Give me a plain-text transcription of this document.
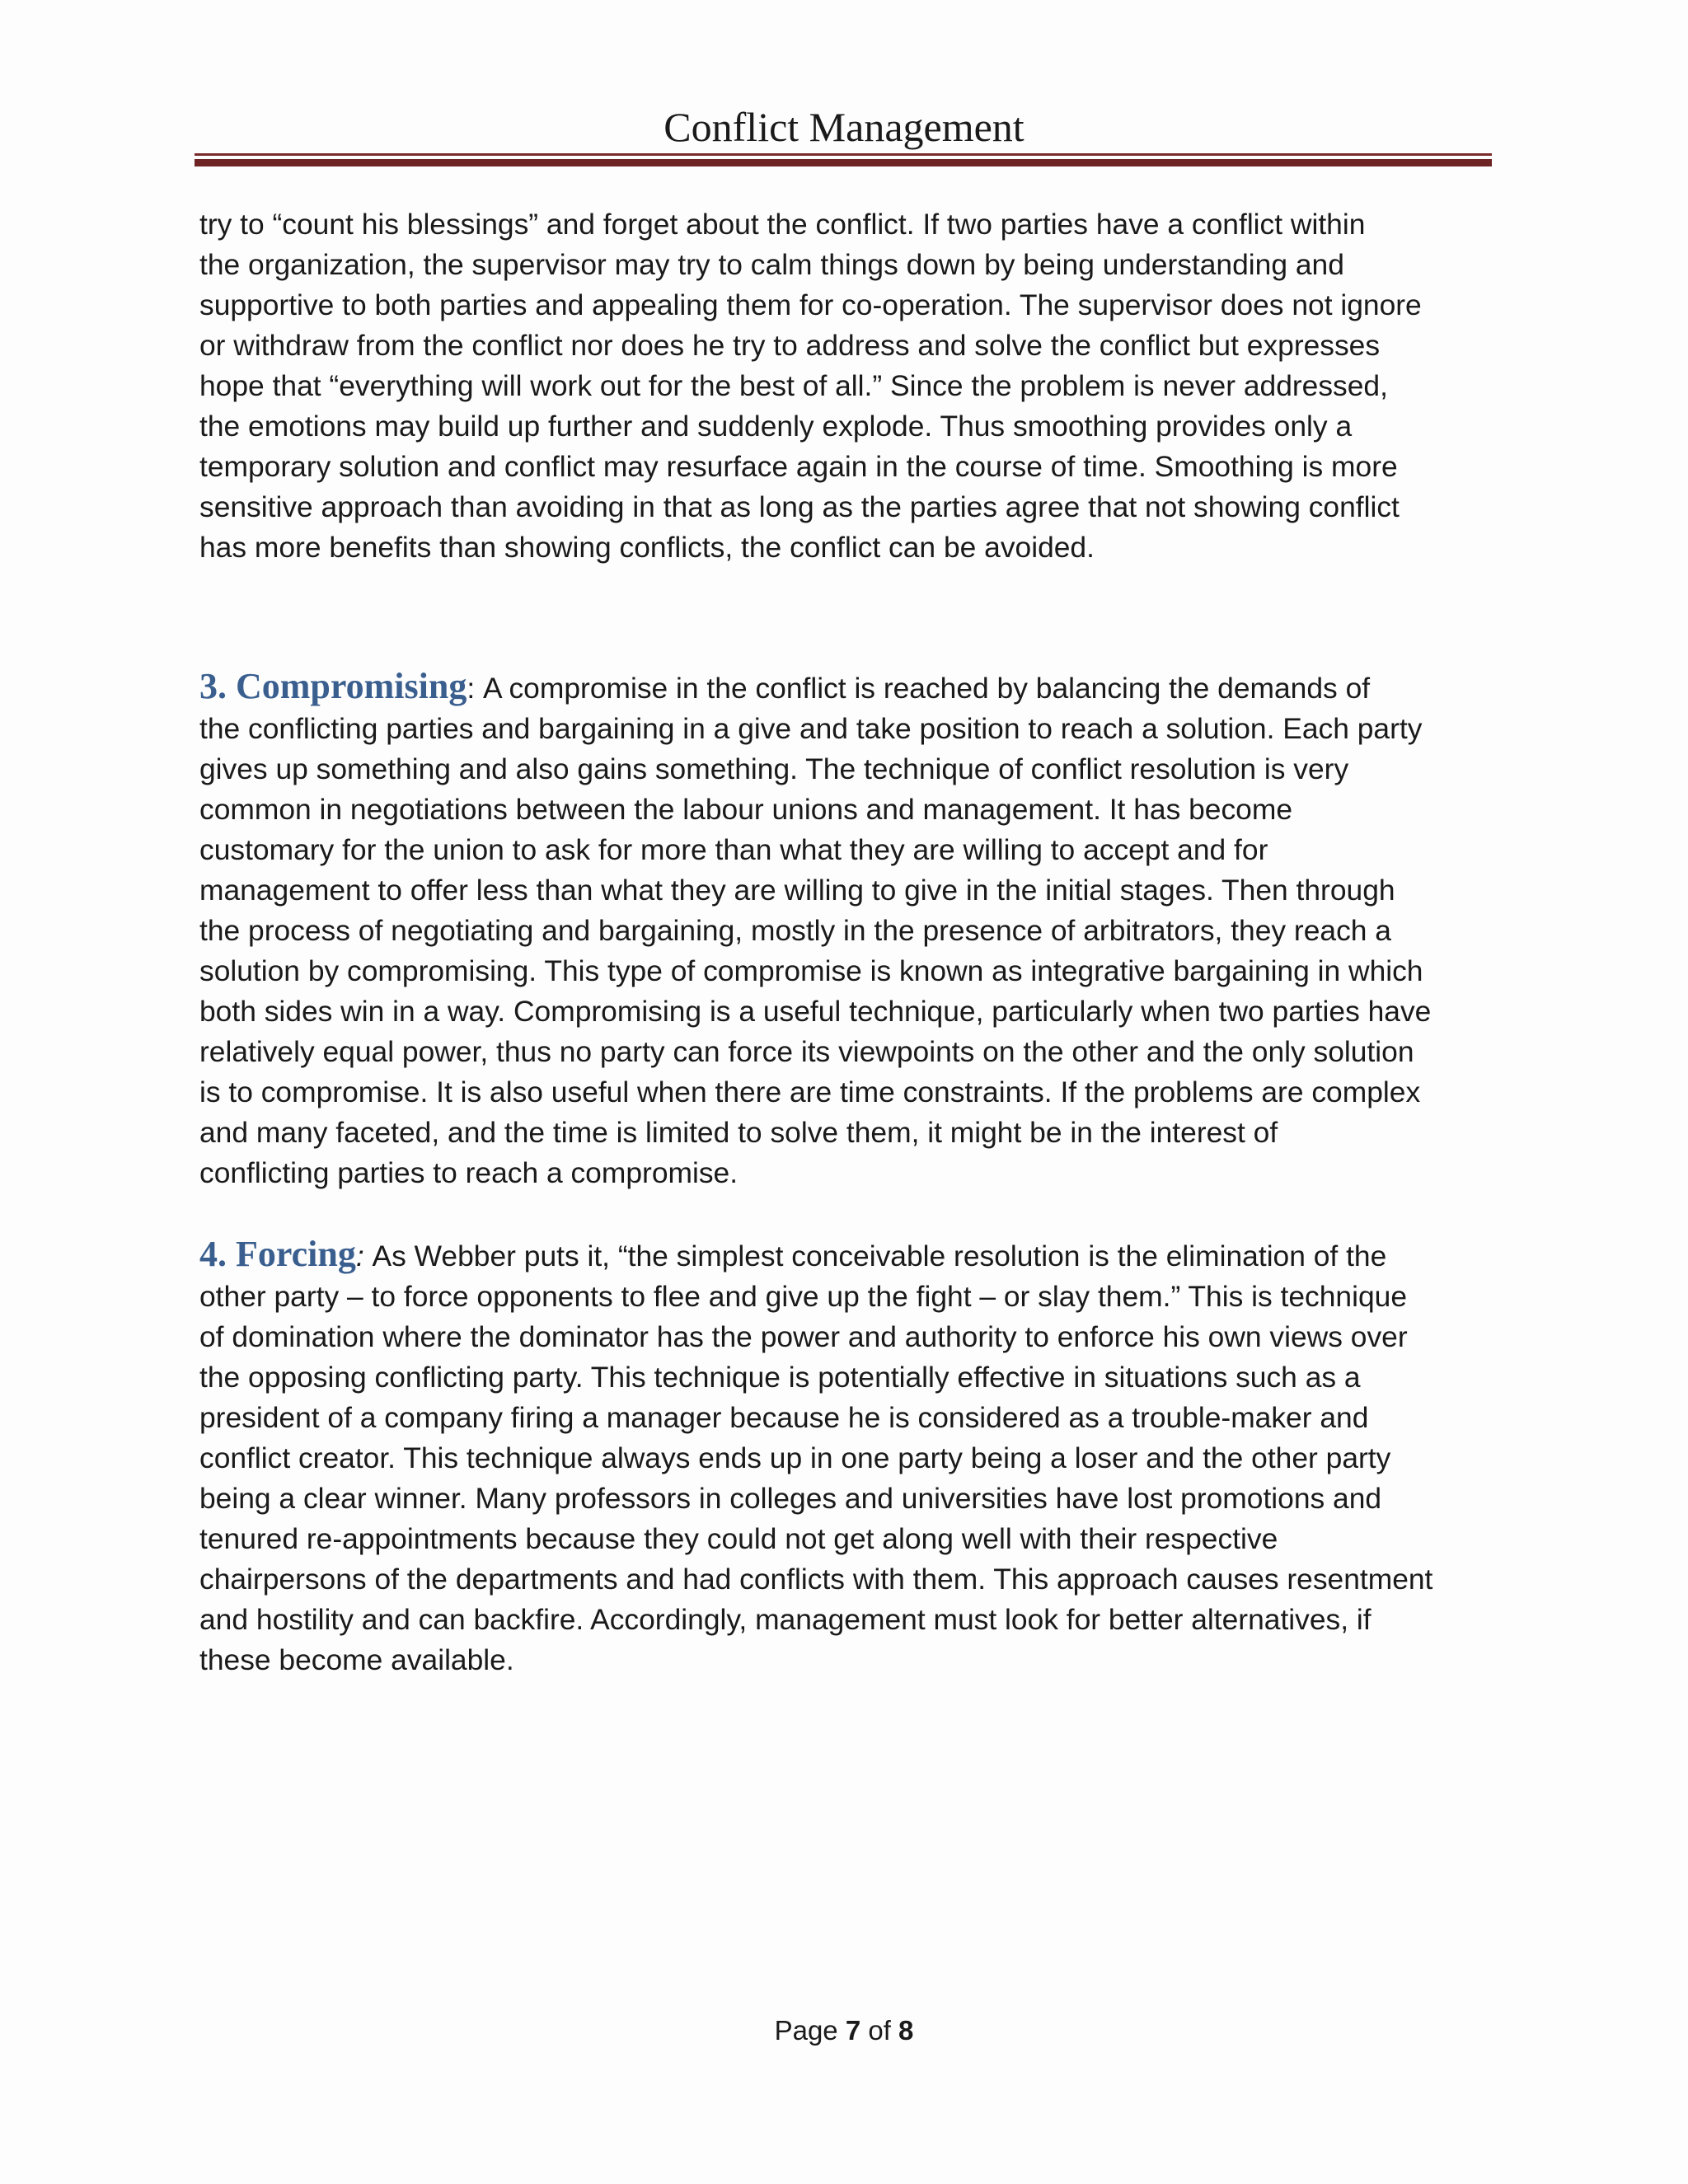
Conflict Management

try to “count his blessings” and forget about the conflict. If two parties have a conflict within
the organization, the supervisor may try to calm things down by being understanding and
supportive to both parties and appealing them for co-operation. The supervisor does not ignore
or withdraw from the conflict nor does he try to address and solve the conflict but expresses
hope that “everything will work out for the best of all.” Since the problem is never addressed,
the emotions may build up further and suddenly explode. Thus smoothing provides only a
temporary solution and conflict may resurface again in the course of time. Smoothing is more
sensitive approach than avoiding in that as long as the parties agree that not showing conflict
has more benefits than showing conflicts, the conflict can be avoided.

3. Compromising: A compromise in the conflict is reached by balancing the demands of
the conflicting parties and bargaining in a give and take position to reach a solution. Each party
gives up something and also gains something. The technique of conflict resolution is very
common in negotiations between the labour unions and management. It has become
customary for the union to ask for more than what they are willing to accept and for
management to offer less than what they are willing to give in the initial stages. Then through
the process of negotiating and bargaining, mostly in the presence of arbitrators, they reach a
solution by compromising. This type of compromise is known as integrative bargaining in which
both sides win in a way. Compromising is a useful technique, particularly when two parties have
relatively equal power, thus no party can force its viewpoints on the other and the only solution
is to compromise. It is also useful when there are time constraints. If the problems are complex
and many faceted, and the time is limited to solve them, it might be in the interest of
conflicting parties to reach a compromise.

4. Forcing: As Webber puts it, “the simplest conceivable resolution is the elimination of the
other party – to force opponents to flee and give up the fight – or slay them.” This is technique
of domination where the dominator has the power and authority to enforce his own views over
the opposing conflicting party. This technique is potentially effective in situations such as a
president of a company firing a manager because he is considered as a trouble-maker and
conflict creator. This technique always ends up in one party being a loser and the other party
being a clear winner. Many professors in colleges and universities have lost promotions and
tenured re-appointments because they could not get along well with their respective
chairpersons of the departments and had conflicts with them. This approach causes resentment
and hostility and can backfire. Accordingly, management must look for better alternatives, if
these become available.

Page 7 of 8
